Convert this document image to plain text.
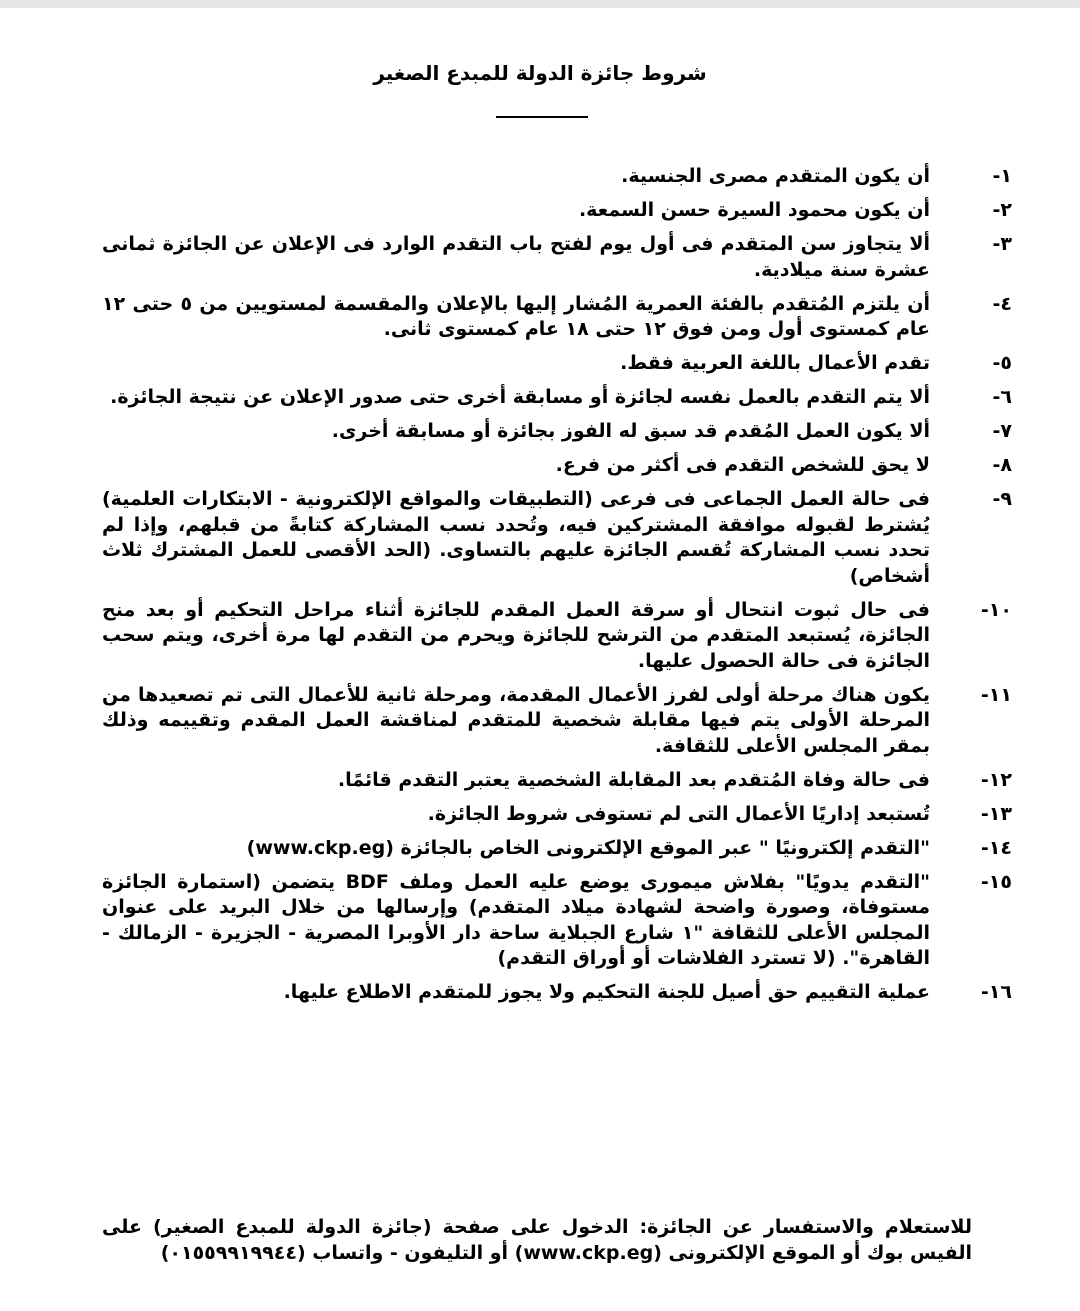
شروط جائزة الدولة للمبدع الصغير
١-
أن يكون المتقدم مصرى الجنسية.
٢-
أن يكون محمود السيرة حسن السمعة.
٣-
ألا يتجاوز سن المتقدم فى أول يوم لفتح باب التقدم الوارد فى الإعلان عن الجائزة ثمانى عشرة سنة ميلادية.
٤-
أن يلتزم المُتقدم بالفئة العمرية المُشار إليها بالإعلان والمقسمة لمستويين من ٥ حتى ١٢ عام كمستوى أول ومن فوق ١٢ حتى ١٨ عام كمستوى ثانى.
٥-
تقدم الأعمال باللغة العربية فقط.
٦-
ألا يتم التقدم بالعمل نفسه لجائزة أو مسابقة أخرى حتى صدور الإعلان عن نتيجة الجائزة.
٧-
ألا يكون العمل المُقدم قد سبق له الفوز بجائزة أو مسابقة أخرى.
٨-
لا يحق للشخص التقدم فى أكثر من فرع.
٩-
فى حالة العمل الجماعى فى فرعى (التطبيقات والمواقع الإلكترونية - الابتكارات العلمية) يُشترط لقبوله موافقة المشتركين فيه، وتُحدد نسب المشاركة كتابةً من قبلهم، وإذا لم تحدد نسب المشاركة تُقسم الجائزة عليهم بالتساوى. (الحد الأقصى للعمل المشترك ثلاث أشخاص)
١٠-
فى حال ثبوت انتحال أو سرقة العمل المقدم للجائزة أثناء مراحل التحكيم أو بعد منح الجائزة، يُستبعد المتقدم من الترشح للجائزة ويحرم من التقدم لها مرة أخرى، ويتم سحب الجائزة فى حالة الحصول عليها.
١١-
يكون هناك مرحلة أولى لفرز الأعمال المقدمة، ومرحلة ثانية للأعمال التى تم تصعيدها من المرحلة الأولى يتم فيها مقابلة شخصية للمتقدم لمناقشة العمل المقدم وتقييمه وذلك بمقر المجلس الأعلى للثقافة.
١٢-
فى حالة وفاة المُتقدم بعد المقابلة الشخصية يعتبر التقدم قائمًا.
١٣-
تُستبعد إداريًا الأعمال التى لم تستوفى شروط الجائزة.
١٤-
"التقدم إلكترونيًا " عبر الموقع الإلكترونى الخاص بالجائزة (www.ckp.eg)
١٥-
"التقدم يدويًا" بفلاش ميمورى يوضع عليه العمل وملف BDF يتضمن (استمارة الجائزة مستوفاة، وصورة واضحة لشهادة ميلاد المتقدم) وإرسالها من خلال البريد على عنوان المجلس الأعلى للثقافة "١ شارع الجبلاية ساحة دار الأوبرا المصرية - الجزيرة - الزمالك - القاهرة". (لا تسترد الفلاشات أو أوراق التقدم)
١٦-
عملية التقييم حق أصيل للجنة التحكيم ولا يجوز للمتقدم الاطلاع عليها.
للاستعلام والاستفسار عن الجائزة: الدخول على صفحة (جائزة الدولة للمبدع الصغير) على الفيس بوك أو الموقع الإلكترونى (www.ckp.eg) أو التليفون - واتساب (٠١٥٥٩٩١٩٩٤٤)
